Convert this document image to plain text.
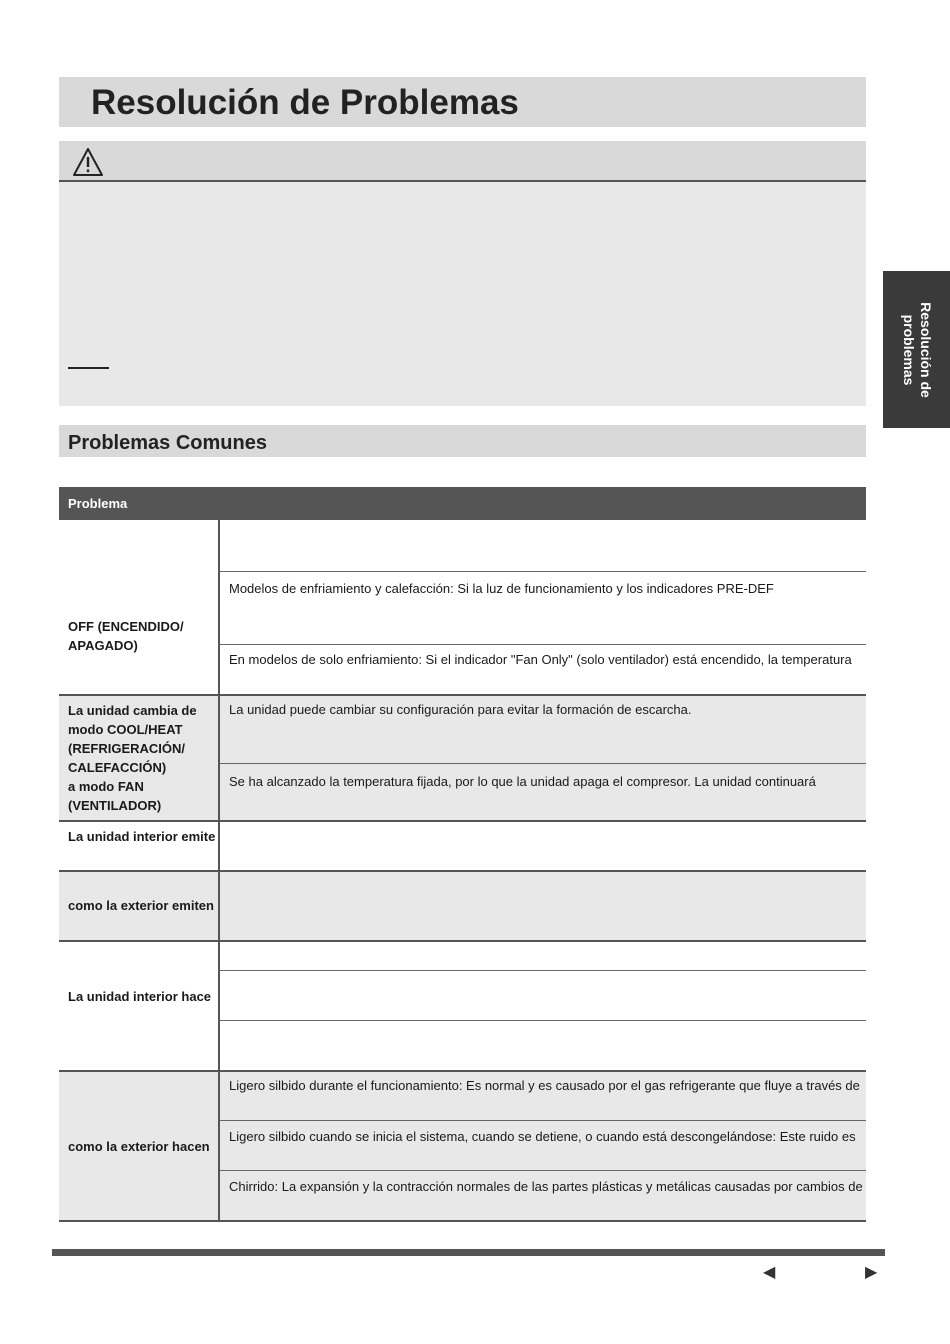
Resolución de Problemas
Resolución de
problemas
Problemas Comunes
Problema
OFF (ENCENDIDO/
APAGADO)
La unidad cambia de
modo COOL/HEAT
(REFRIGERACIÓN/
CALEFACCIÓN)
a modo FAN
(VENTILADOR)
La unidad interior emite
como la exterior emiten
La unidad interior hace
como la exterior hacen
Modelos de enfriamiento y calefacción: Si la luz de funcionamiento y los indicadores PRE-DEF
En modelos de solo enfriamiento: Si el indicador "Fan Only" (solo ventilador) está encendido, la temperatura
La unidad puede cambiar su configuración para evitar la formación de escarcha.
Se ha alcanzado la temperatura fijada, por lo que la unidad apaga el compresor. La unidad continuará
Ligero silbido durante el funcionamiento: Es normal y es causado por el gas refrigerante que fluye a través de
Ligero silbido cuando se inicia el sistema, cuando se detiene, o cuando está descongelándose: Este ruido es
Chirrido: La expansión y la contracción normales de las partes plásticas y metálicas causadas por cambios de
◀	▶
